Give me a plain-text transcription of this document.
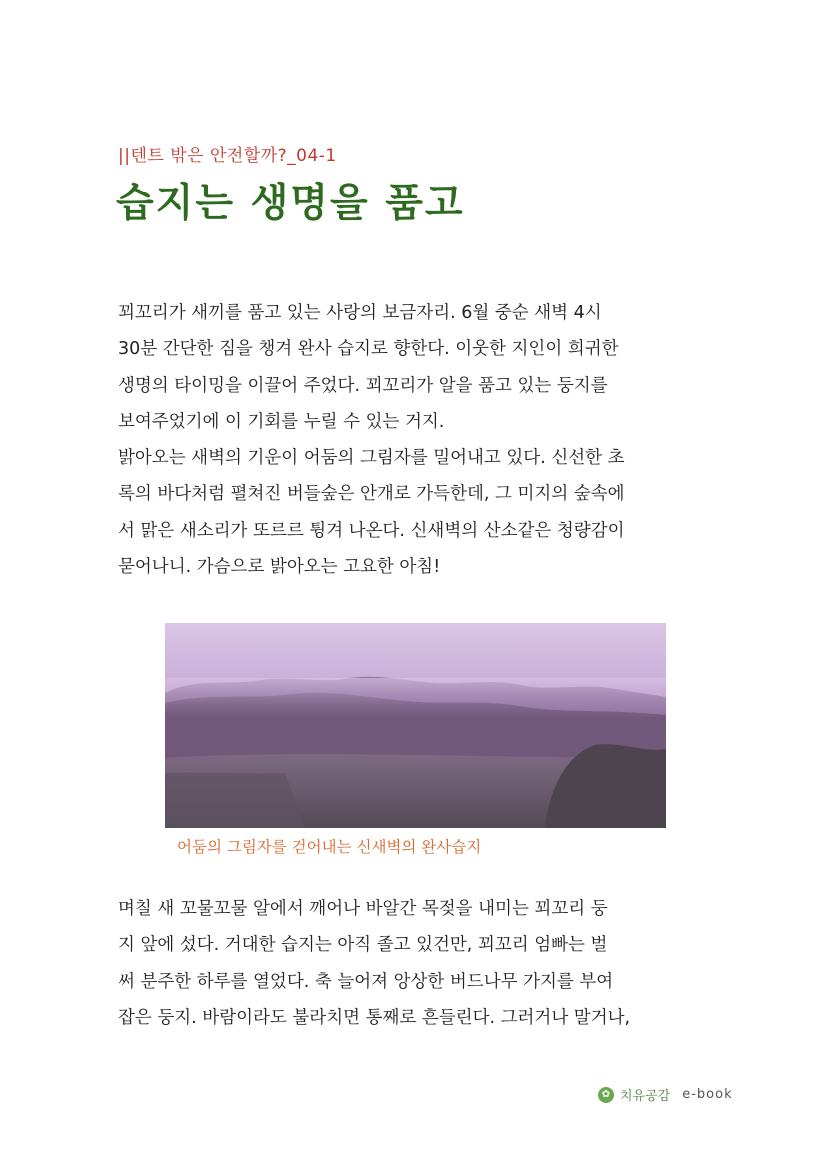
||텐트 밖은 안전할까?_04-1
습지는 생명을 품고

꾀꼬리가 새끼를 품고 있는 사랑의 보금자리. 6월 중순 새벽 4시
30분 간단한 짐을 챙겨 완사 습지로 향한다. 이웃한 지인이 희귀한
생명의 타이밍을 이끌어 주었다. 꾀꼬리가 알을 품고 있는 둥지를
보여주었기에 이 기회를 누릴 수 있는 거지.
밝아오는 새벽의 기운이 어둠의 그림자를 밀어내고 있다. 신선한 초
록의 바다처럼 펼쳐진 버들숲은 안개로 가득한데, 그 미지의 숲속에
서 맑은 새소리가 또르르 튕겨 나온다. 신새벽의 산소같은 청량감이
묻어나니. 가슴으로 밝아오는 고요한 아침!

어둠의 그림자를 걷어내는 신새벽의 완사습지

며칠 새 꼬물꼬물 알에서 깨어나 바알간 목젖을 내미는 꾀꼬리 둥
지 앞에 섰다. 거대한 습지는 아직 졸고 있건만, 꾀꼬리 엄빠는 벌
써 분주한 하루를 열었다. 축 늘어져 앙상한 버드나무 가지를 부여
잡은 둥지. 바람이라도 불라치면 통째로 흔들린다. 그러거나 말거나,

✿ 치유공감 e-book
